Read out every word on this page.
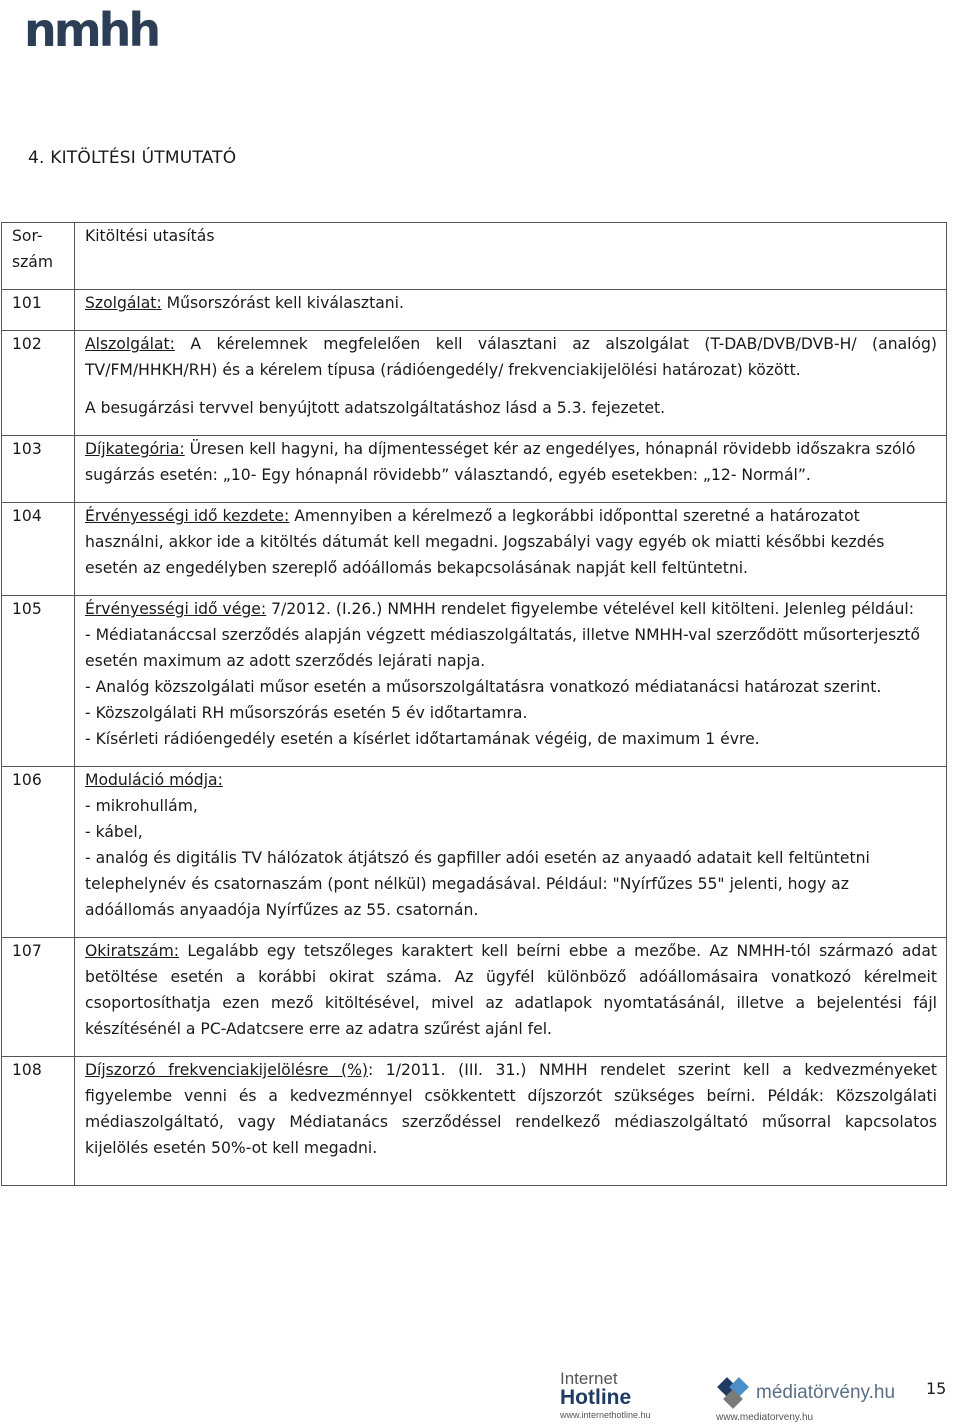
nmhh
4. KITÖLTÉSI ÚTMUTATÓ
Sor-
szám	Kitöltési utasítás
101	Szolgálat: Műsorszórást kell kiválasztani.
102	Alszolgálat: A kérelemnek megfelelően kell választani az alszolgálat (T-DAB/DVB/DVB-H/ (analóg) TV/FM/HHKH/RH) és a kérelem típusa (rádióengedély/ frekvenciakijelölési határozat) között.
A besugárzási tervvel benyújtott adatszolgáltatáshoz lásd a 5.3. fejezetet.

103	Díjkategória: Üresen kell hagyni, ha díjmentességet kér az engedélyes, hónapnál rövidebb időszakra szóló sugárzás esetén: „10- Egy hónapnál rövidebb” választandó, egyéb esetekben: „12- Normál”.
104	Érvényességi idő kezdete: Amennyiben a kérelmező a legkorábbi időponttal szeretné a határozatot használni, akkor ide a kitöltés dátumát kell megadni. Jogszabályi vagy egyéb ok miatti későbbi kezdés esetén az engedélyben szereplő adóállomás bekapcsolásának napját kell feltüntetni.
105	Érvényességi idő vége: 7/2012. (I.26.) NMHH rendelet figyelembe vételével kell kitölteni. Jelenleg például:
- Médiatanáccsal szerződés alapján végzett médiaszolgáltatás, illetve NMHH-val szerződött műsorterjesztő esetén maximum az adott szerződés lejárati napja.
- Analóg közszolgálati műsor esetén a műsorszolgáltatásra vonatkozó médiatanácsi határozat szerint.
- Közszolgálati RH műsorszórás esetén 5 év időtartamra.
- Kísérleti rádióengedély esetén a kísérlet időtartamának végéig, de maximum 1 évre.

106	Moduláció módja:
- mikrohullám,
- kábel,
- analóg és digitális TV hálózatok átjátszó és gapfiller adói esetén az anyaadó adatait kell feltüntetni telephelynév és csatornaszám (pont nélkül) megadásával. Például: "Nyírfűzes 55" jelenti, hogy az adóállomás anyaadója Nyírfűzes az 55. csatornán.

107	Okiratszám: Legalább egy tetszőleges karaktert kell beírni ebbe a mezőbe. Az NMHH-tól származó adat betöltése esetén a korábbi okirat száma. Az ügyfél különböző adóállomásaira vonatkozó kérelmeit csoportosíthatja ezen mező kitöltésével, mivel az adatlapok nyomtatásánál, illetve a bejelentési fájl készítésénél a PC-Adatcsere erre az adatra szűrést ajánl fel.
108	Díjszorzó frekvenciakijelölésre (%): 1/2011. (III. 31.) NMHH rendelet szerint kell a kedvezményeket figyelembe venni és a kedvezménnyel csökkentett díjszorzót szükséges beírni. Példák: Közszolgálati médiaszolgáltató, vagy Médiatanács szerződéssel rendelkező médiaszolgáltató műsorral kapcsolatos kijelölés esetén 50%-ot kell megadni.
Internet
Hotline
www.internethotline.hu
médiatörvény.hu
www.mediatorveny.hu
15
